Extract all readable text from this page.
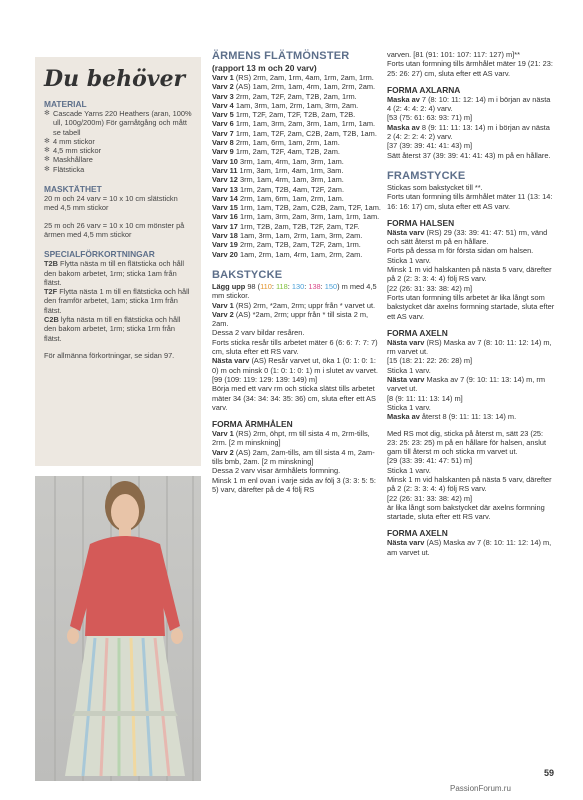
Du behöver
MATERIAL
✻ Cascade Yarns 220 Heathers (aran, 100% ull, 100g/200m) För garnåtgång och mått se tabell
✻ 4 mm stickor
✻ 4,5 mm stickor
✻ Maskhållare
✻ Flätsticka
MASKTÄTHET
20 m och 24 varv = 10 x 10 cm slätstickn med 4,5 mm stickor
25 m och 26 varv = 10 x 10 cm mönster på ärmen med 4,5 mm stickor
SPECIALFÖRKORTNINGAR
T2B Flytta nästa m till en flätsticka och håll den bakom arbetet, 1rm; sticka 1am från flätst.
T2F Flytta nästa 1 m till en flätsticka och håll den framför arbetet, 1am; sticka 1rm från flätst.
C2B lyfta nästa m till en flätsticka och håll den bakom arbetet, 1rm; sticka 1rm från flätst.
För allmänna förkortningar, se sidan 97.
ÄRMENS FLÄTMÖNSTER
(rapport 13 m och 20 varv)
Varv 1 (RS) 2rm, 2am, 1rm, 4am, 1rm, 2am, 1rm.
Varv 2 (AS) 1am, 2rm, 1am, 4rm, 1am, 2rm, 2am.
Varv 3 2rm, 2am, T2F, 2am, T2B, 2am, 1rm.
Varv 4 1am, 3rm, 1am, 2rm, 1am, 3rm, 2am.
Varv 5 1rm, T2F, 2am, T2F, T2B, 2am, T2B.
Varv 6 1rm, 1am, 3rm, 2am, 3rm, 1am, 1rm, 1am.
Varv 7 1rm, 1am, T2F, 2am, C2B, 2am, T2B, 1am.
Varv 8 2rm, 1am, 6rm, 1am, 2rm, 1am.
Varv 9 1rm, 2am, T2F, 4am, T2B, 2am.
Varv 10 3rm, 1am, 4rm, 1am, 3rm, 1am.
Varv 11 1rm, 3am, 1rm, 4am, 1rm, 3am.
Varv 12 3rm, 1am, 4rm, 1am, 3rm, 1am.
Varv 13 1rm, 2am, T2B, 4am, T2F, 2am.
Varv 14 2rm, 1am, 6rm, 1am, 2rm, 1am.
Varv 15 1rm, 1am, T2B, 2am, C2B, 2am, T2F, 1am.
Varv 16 1rm, 1am, 3rm, 2am, 3rm, 1am, 1rm, 1am.
Varv 17 1rm, T2B, 2am, T2B, T2F, 2am, T2F.
Varv 18 1am, 3rm, 1am, 2rm, 1am, 3rm, 2am.
Varv 19 2rm, 2am, T2B, 2am, T2F, 2am, 1rm.
Varv 20 1am, 2rm, 1am, 4rm, 1am, 2rm, 2am.
BAKSTYCKE
Lägg upp 98 (110: 118: 130: 138: 150) m med 4,5 mm stickor.
Varv 1 (RS) 2rm, *2am, 2rm; uppr från * varvet ut.
Varv 2 (AS) *2am, 2rm; uppr från * till sista 2 m, 2am.
Dessa 2 varv bildar resåren.
Forts sticka resår tills arbetet mäter 6 (6: 6: 7: 7: 7) cm, sluta efter ett RS varv.
Nästa varv (AS) Resår varvet ut, öka 1 (0: 1: 0: 1: 0) m och minsk 0 (1: 0: 1: 0: 1) m i slutet av varvet.
[99 (109: 119: 129: 139: 149) m]
Börja med ett varv rm och sticka slätst tills arbetet mäter 34 (34: 34: 34: 35: 36) cm, sluta efter ett AS varv.
FORMA ÄRMHÅLEN
Varv 1 (RS) 2rm, öhpt, rm till sista 4 m, 2rm-tills, 2rm. [2 m minskning]
Varv 2 (AS) 2am, 2am-tills, am till sista 4 m, 2am-tills bmb, 2am. [2 m minskning]
Dessa 2 varv visar ärmhålets formning.
Minsk 1 m enl ovan i varje sida av följ 3 (3: 3: 5: 5: 5) varv, därefter på de 4 följ RS
varven. [81 (91: 101: 107: 117: 127) m]**
Forts utan formning tills ärmhålet mäter 19 (21: 23: 25: 26: 27) cm, sluta efter ett AS varv.
FORMA AXLARNA
Maska av 7 (8: 10: 11: 12: 14) m i början av nästa 4 (2: 4: 4: 2: 4) varv.
[53 (75: 61: 63: 93: 71) m]
Maska av 8 (9: 11: 11: 13: 14) m i början av nästa 2 (4: 2: 2: 4: 2) varv.
[37 (39: 39: 41: 41: 43) m]
Sätt återst 37 (39: 39: 41: 41: 43) m på en hållare.
FRAMSTYCKE
Stickas som bakstycket till **.
Forts utan formning tills ärmhålet mäter 11 (13: 14: 16: 16: 17) cm, sluta efter ett AS varv.
FORMA HALSEN
Nästa varv (RS) 29 (33: 39: 41: 47: 51) rm, vänd och sätt återst m på en hållare.
Forts på dessa m för första sidan om halsen.
Sticka 1 varv.
Minsk 1 m vid halskanten på nästa 5 varv, därefter på 2 (2: 3: 3: 4: 4) följ RS varv.
[22 (26: 31: 33: 38: 42) m]
Forts utan formning tills arbetet är lika långt som bakstycket där axelns formning startade, sluta efter ett AS varv.
FORMA AXELN
Nästa varv (RS) Maska av 7 (8: 10: 11: 12: 14) m, rm varvet ut.
[15 (18: 21: 22: 26: 28) m]
Sticka 1 varv.
Nästa varv Maska av 7 (9: 10: 11: 13: 14) m, rm varvet ut.
[8 (9: 11: 11: 13: 14) m]
Sticka 1 varv.
Maska av återst 8 (9: 11: 11: 13: 14) m.
Med RS mot dig, sticka på återst m, sätt 23 (25: 23: 25: 23: 25) m på en hållare för halsen, anslut garn till återst m och sticka rm varvet ut.
[29 (33: 39: 41: 47: 51) m]
Sticka 1 varv.
Minsk 1 m vid halskanten på nästa 5 varv, därefter på 2 (2: 3: 3: 4: 4) följ RS varv.
[22 (26: 31: 33: 38: 42) m]
är lika långt som bakstycket där axelns formning startade, sluta efter ett RS varv.
FORMA AXELN
Nästa varv (AS) Maska av 7 (8: 10: 11: 12: 14) m, am varvet ut.
59
PassionForum.ru
